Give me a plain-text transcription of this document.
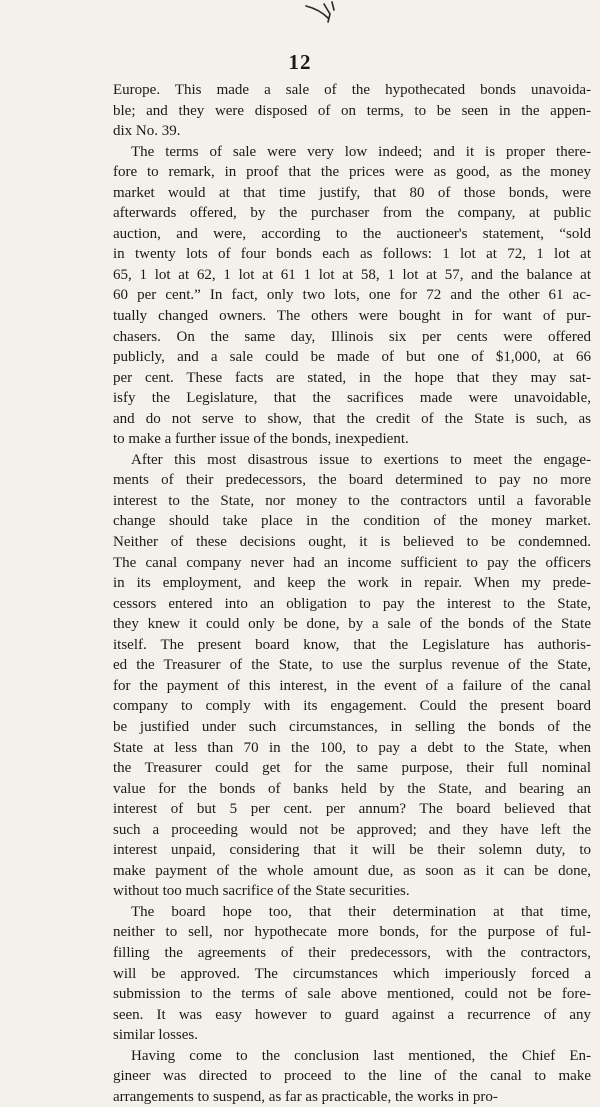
12
Europe. This made a sale of the hypothecated bonds unavoida-
ble; and they were disposed of on terms, to be seen in the appen-
dix No. 39.
The terms of sale were very low indeed; and it is proper there-
fore to remark, in proof that the prices were as good, as the money
market would at that time justify, that 80 of those bonds, were
afterwards offered, by the purchaser from the company, at public
auction, and were, according to the auctioneer's statement, “sold
in twenty lots of four bonds each as follows: 1 lot at 72, 1 lot at
65, 1 lot at 62, 1 lot at 61 1 lot at 58, 1 lot at 57, and the balance at
60 per cent.” In fact, only two lots, one for 72 and the other 61 ac-
tually changed owners. The others were bought in for want of pur-
chasers. On the same day, Illinois six per cents were offered
publicly, and a sale could be made of but one of $1,000, at 66
per cent. These facts are stated, in the hope that they may sat-
isfy the Legislature, that the sacrifices made were unavoidable,
and do not serve to show, that the credit of the State is such, as
to make a further issue of the bonds, inexpedient.
After this most disastrous issue to exertions to meet the engage-
ments of their predecessors, the board determined to pay no more
interest to the State, nor money to the contractors until a favorable
change should take place in the condition of the money market.
Neither of these decisions ought, it is believed to be condemned.
The canal company never had an income sufficient to pay the officers
in its employment, and keep the work in repair. When my prede-
cessors entered into an obligation to pay the interest to the State,
they knew it could only be done, by a sale of the bonds of the State
itself. The present board know, that the Legislature has authoris-
ed the Treasurer of the State, to use the surplus revenue of the State,
for the payment of this interest, in the event of a failure of the canal
company to comply with its engagement. Could the present board
be justified under such circumstances, in selling the bonds of the
State at less than 70 in the 100, to pay a debt to the State, when
the Treasurer could get for the same purpose, their full nominal
value for the bonds of banks held by the State, and bearing an
interest of but 5 per cent. per annum? The board believed that
such a proceeding would not be approved; and they have left the
interest unpaid, considering that it will be their solemn duty, to
make payment of the whole amount due, as soon as it can be done,
without too much sacrifice of the State securities.
The board hope too, that their determination at that time,
neither to sell, nor hypothecate more bonds, for the purpose of ful-
filling the agreements of their predecessors, with the contractors,
will be approved. The circumstances which imperiously forced a
submission to the terms of sale above mentioned, could not be fore-
seen. It was easy however to guard against a recurrence of any
similar losses.
Having come to the conclusion last mentioned, the Chief En-
gineer was directed to proceed to the line of the canal to make
arrangements to suspend, as far as practicable, the works in pro-
